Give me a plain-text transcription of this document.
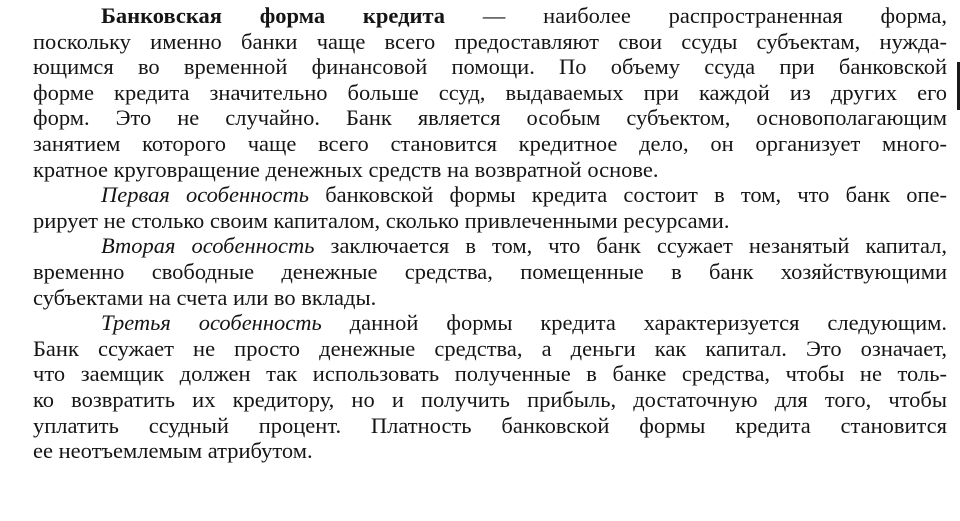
Банковская форма кредита — наиболее распространенная форма,
поскольку именно банки чаще всего предоставляют свои ссуды субъектам, нужда-
ющимся во временной финансовой помощи. По объему ссуда при банковской
форме кредита значительно больше ссуд, выдаваемых при каждой из других его
форм. Это не случайно. Банк является особым субъектом, основополагающим
занятием которого чаще всего становится кредитное дело, он организует много-
кратное круговращение денежных средств на возвратной основе.
Первая особенность банковской формы кредита состоит в том, что банк опе-
рирует не столько своим капиталом, сколько привлеченными ресурсами.
Вторая особенность заключается в том, что банк ссужает незанятый капитал,
временно свободные денежные средства, помещенные в банк хозяйствующими
субъектами на счета или во вклады.
Третья особенность данной формы кредита характеризуется следующим.
Банк ссужает не просто денежные средства, а деньги как капитал. Это означает,
что заемщик должен так использовать полученные в банке средства, чтобы не толь-
ко возвратить их кредитору, но и получить прибыль, достаточную для того, чтобы
уплатить ссудный процент. Платность банковской формы кредита становится
ее неотъемлемым атрибутом.
